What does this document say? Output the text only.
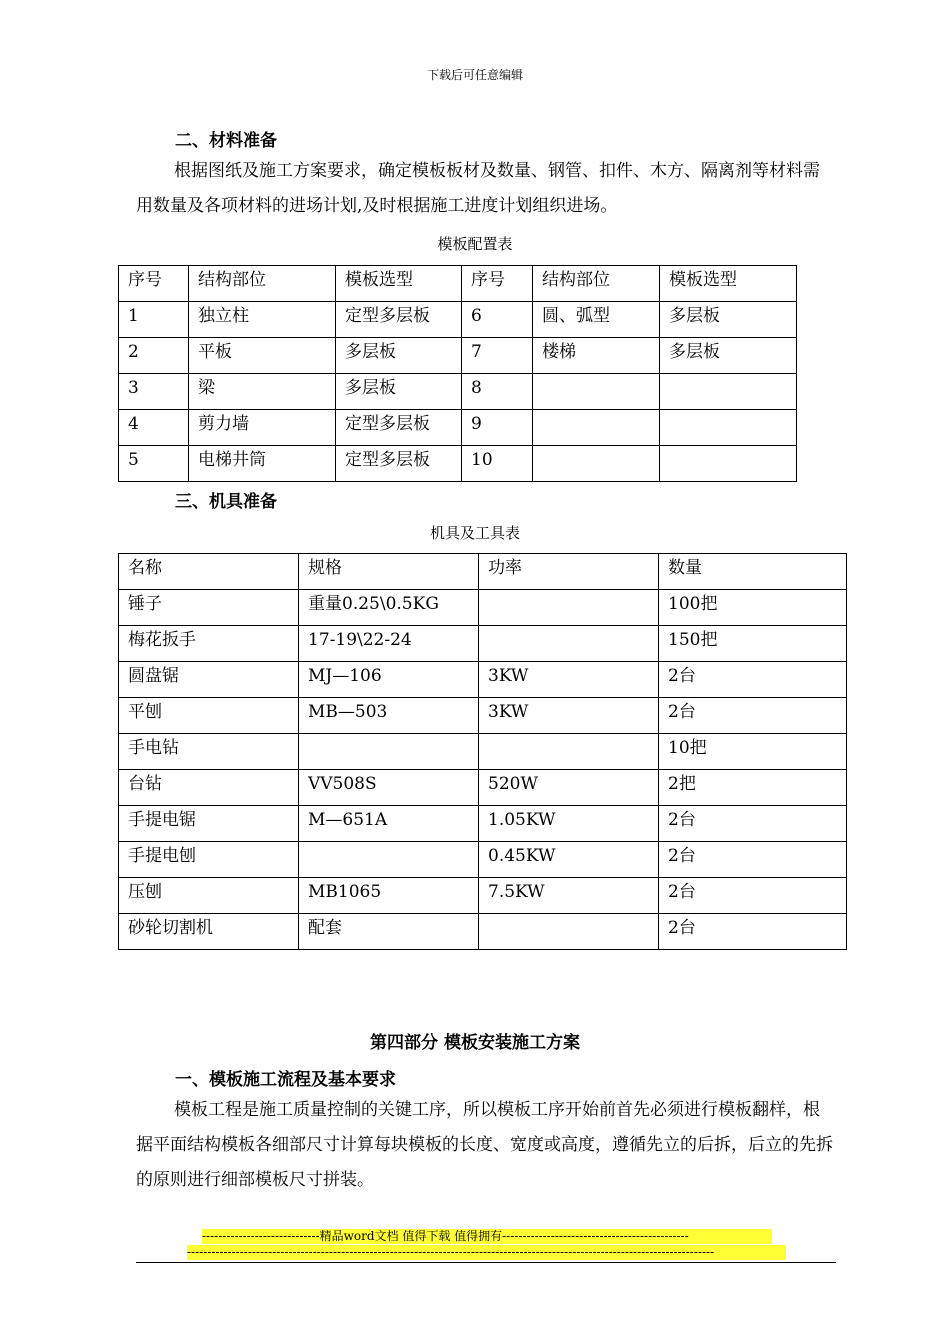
下载后可任意编辑
二、材料准备

根据图纸及施工方案要求，确定模板板材及数量、钢管、扣件、木方、隔离剂等材料需用数量及各项材料的进场计划,及时根据施工进度计划组织进场。

模板配置表
序号	结构部位	模板选型	序号	结构部位	模板选型
1	独立柱	定型多层板	6	圆、弧型	多层板
2	平板	多层板	7	楼梯	多层板
3	梁	多层板	8		
4	剪力墙	定型多层板	9		
5	电梯井筒	定型多层板	10		
三、机具准备
机具及工具表
名称	规格	功率	数量
锤子	重量0.25\0.5KG		100把
梅花扳手	17-19\22-24		150把
圆盘锯	MJ—106	3KW	2台
平刨	MB—503	3KW	2台
手电钻			10把
台钻	VV508S	520W	2把
手提电锯	M—651A	1.05KW	2台
手提电刨		0.45KW	2台
压刨	MB1065	7.5KW	2台
砂轮切割机	配套		2台
第四部分 模板安装施工方案
一、模板施工流程及基本要求

模板工程是施工质量控制的关键工序，所以模板工序开始前首先必须进行模板翻样，根据平面结构模板各细部尺寸计算每块模板的长度、宽度或高度，遵循先立的后拆，后立的先拆的原则进行细部模板尺寸拼装。

-----------------------------精品word文档 值得下载 值得拥有----------------------------------------------
----------------------------------------------------------------------------------------------------------------------------------
